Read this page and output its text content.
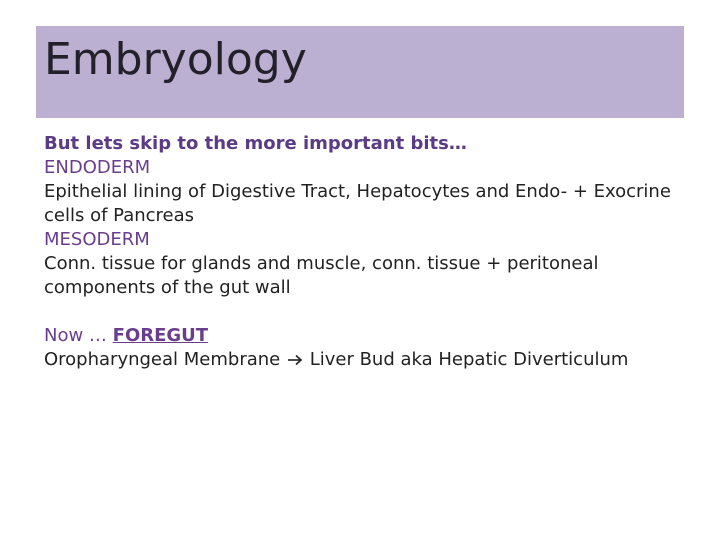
Embryology

But lets skip to the more important bits…

ENDODERM

Epithelial lining of Digestive Tract, Hepatocytes and Endo- + Exocrine

cells of Pancreas

MESODERM

Conn. tissue for glands and muscle, conn. tissue + peritoneal

components of the gut wall

Now … FOREGUT

Oropharyngeal Membrane  Liver Bud aka Hepatic Diverticulum
